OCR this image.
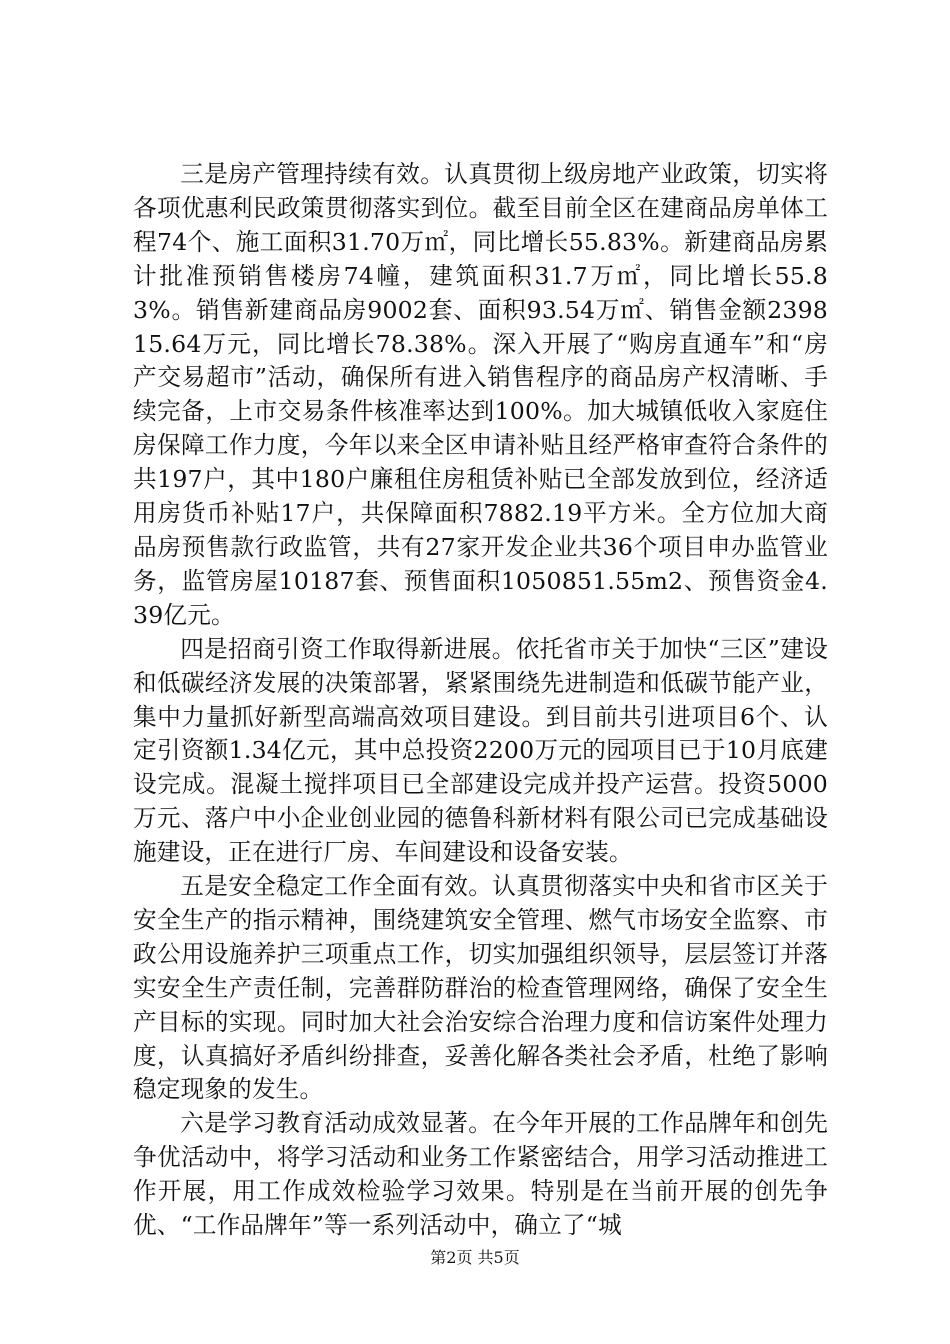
三是房产管理持续有效。认真贯彻上级房地产业政策，切实将各项优惠利民政策贯彻落实到位。截至目前全区在建商品房单体工程74个、施工面积31.70万㎡，同比增长55.83%。新建商品房累计批准预销售楼房74幢，建筑面积31.7万㎡，同比增长55.83%。销售新建商品房9002套、面积93.54万㎡、销售金额239815.64万元，同比增长78.38%。深入开展了“购房直通车”和“房产交易超市”活动，确保所有进入销售程序的商品房产权清晰、手续完备，上市交易条件核准率达到100%。加大城镇低收入家庭住房保障工作力度，今年以来全区申请补贴且经严格审查符合条件的共197户，其中180户廉租住房租赁补贴已全部发放到位，经济适用房货币补贴17户，共保障面积7882.19平方米。全方位加大商品房预售款行政监管，共有27家开发企业共36个项目申办监管业务，监管房屋10187套、预售面积1050851.55m2、预售资金4.39亿元。

四是招商引资工作取得新进展。依托省市关于加快“三区”建设和低碳经济发展的决策部署，紧紧围绕先进制造和低碳节能产业，集中力量抓好新型高端高效项目建设。到目前共引进项目6个、认定引资额1.34亿元，其中总投资2200万元的园项目已于10月底建设完成。混凝土搅拌项目已全部建设完成并投产运营。投资5000万元、落户中小企业创业园的德鲁科新材料有限公司已完成基础设施建设，正在进行厂房、车间建设和设备安装。

五是安全稳定工作全面有效。认真贯彻落实中央和省市区关于安全生产的指示精神，围绕建筑安全管理、燃气市场安全监察、市政公用设施养护三项重点工作，切实加强组织领导，层层签订并落实安全生产责任制，完善群防群治的检查管理网络，确保了安全生产目标的实现。同时加大社会治安综合治理力度和信访案件处理力度，认真搞好矛盾纠纷排查，妥善化解各类社会矛盾，杜绝了影响稳定现象的发生。

六是学习教育活动成效显著。在今年开展的工作品牌年和创先争优活动中，将学习活动和业务工作紧密结合，用学习活动推进工作开展，用工作成效检验学习效果。特别是在当前开展的创先争优、“工作品牌年”等一系列活动中，确立了“城

第2页 共5页
